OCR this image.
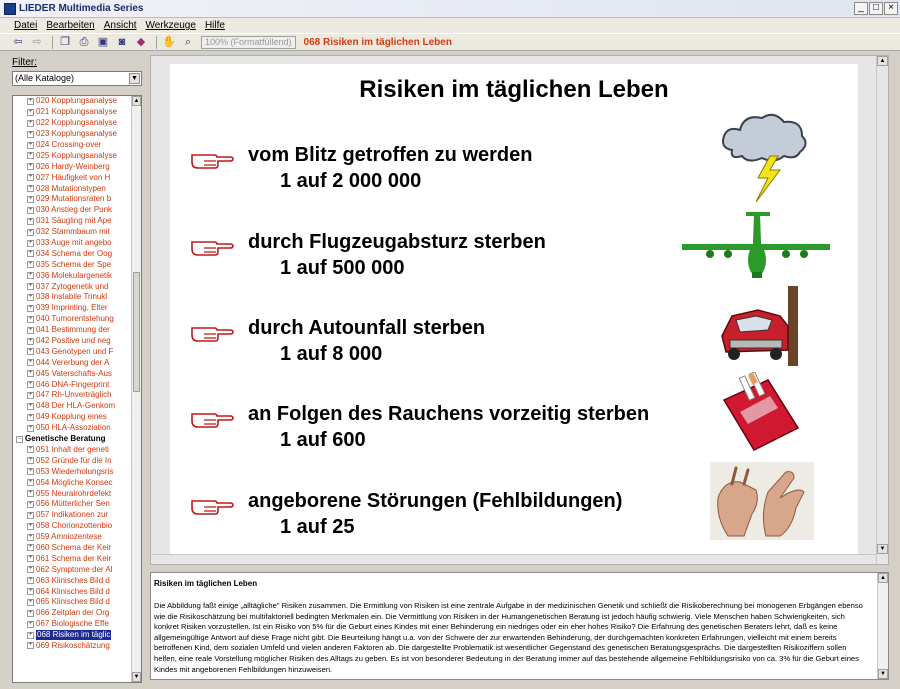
LIEDER Multimedia Series	_ □ ×
Datei Bearbeiten Ansicht Werkzeuge Hilfe
⇦ ⇨	❐ ⎙ ▣ ◙	◆	✋ ⌕	100% (Formatfüllend)	068 Risiken im täglichen Leben
Filter:
(Alle Kataloge)	▼
+ 020 Kopplungsanalyse
+ 021 Kopplungsanalyse
+ 022 Kopplungsanalyse
+ 023 Kopplungsanalyse
+ 024 Crossing-over
+ 025 Kopplungsanalyse
+ 026 Hardy-Weinberg
+ 027 Häufigkeit von H
+ 028 Mutationstypen
+ 029 Mutationsraten b
+ 030 Anstieg der Punk
+ 031 Säugling mit Ape
+ 032 Stammbaum mit
+ 033 Auge mit angebo
+ 034 Schema der Oog
+ 035 Schema der Spe
+ 036 Molekulargenetik
+ 037 Zytogenetik und
+ 038 Instabile Trinukl
+ 039 Imprinting, Elter
+ 040 Tumorentstehung
+ 041 Bestimmung der
+ 042 Positive und neg
+ 043 Genotypen und F
+ 044 Vererbung der A
+ 045 Vaterschafts-Aus
+ 046 DNA-Fingerprint
+ 047 Rh-Unverträglich
+ 048 Der HLA-Genkom
+ 049 Kopplung eines
+ 050 HLA-Assoziation
− Genetische Beratung
+ 051 Inhalt der geneti
+ 052 Gründe für die In
+ 053 Wiederholungsris
+ 054 Mögliche Konsec
+ 055 Neuralrohrdefekt
+ 056 Mütterlicher Sen
+ 057 Indikationen zur
+ 058 Chorionzottenbio
+ 059 Amniozentese
+ 060 Schema der Keir
+ 061 Schema der Keir
+ 062 Symptome der Al
+ 063 Klinisches Bild d
+ 064 Klinisches Bild d
+ 065 Klinisches Bild d
+ 066 Zeitplan der Org
+ 067 Biologische Effe
+ 068 Risiken im täglic
+ 069 Risikoschätzung
▲
▼
Risiken im täglichen Leben
vom Blitz getroffen zu werden
1 auf 2 000 000
durch Flugzeugabsturz sterben
1 auf 500 000
durch Autounfall sterben
1 auf 8 000
an Folgen des Rauchens vorzeitig sterben
1 auf 600
angeborene Störungen (Fehlbildungen)
1 auf 25
▲
▼
Risiken im täglichen Leben
Die Abbildung faßt einige „alltägliche" Risiken zusammen. Die Ermittlung von Risiken ist eine zentrale Aufgabe in der medizinischen Genetik und schließt die Risikoberechnung bei monogenen Erbgängen ebenso wie die Risikoschätzung bei multifaktoriell bedingten Merkmalen ein. Die Vermittlung von Risiken in der Humangenetischen Beratung ist jedoch häufig schwierig. Viele Menschen haben Schwierigkeiten, sich konkret Risiken vorzustellen. Ist ein Risiko von 5% für die Geburt eines Kindes mit einer Behinderung ein niedriges oder ein eher hohes Risiko? Die Erfahrung des genetischen Beraters lehrt, daß es keine allgemeingültige Antwort auf diese Frage nicht gibt. Die Beurteilung hängt u.a. von der Schwere der zur erwartenden Behinderung, der durchgemachten konkreten Erfahrungen, vielleicht mit einem bereits betroffenen Kind, dem sozialen Umfeld und vielen anderen Faktoren ab. Die dargestellte Problematik ist wesentlicher Gegenstand des genetischen Beratungsgesprächs. Die dargestellten Risikoziffern sollen helfen, eine reale Vorstellung möglicher Risiken des Alltags zu geben. Es ist von besonderer Bedeutung in der Beratung immer auf das bestehende allgemeine Fehlbildungsrisiko von ca. 3% für die Geburt eines Kindes mit angeborenen Fehlbildungen hinzuweisen.
▲
▼
